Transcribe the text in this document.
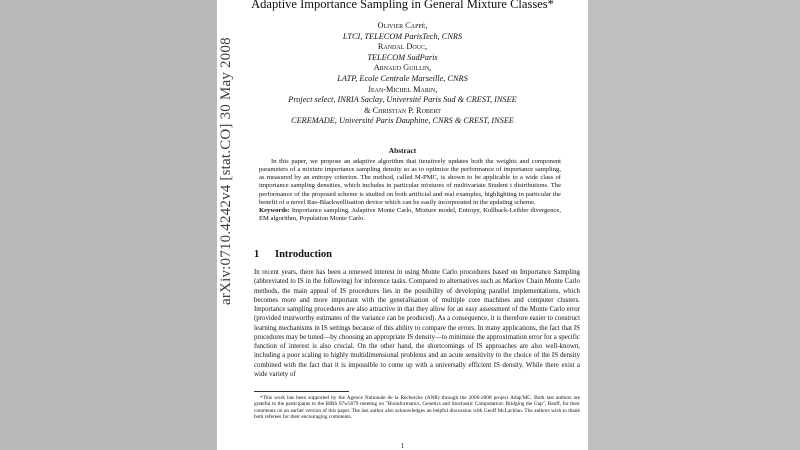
Adaptive Importance Sampling in General Mixture Classes*
Olivier Cappé,
LTCI, TELECOM ParisTech, CNRS
Randal Douc,
TELECOM SudParis
Arnaud Guillin,
LATP, Ecole Centrale Marseille, CNRS
Jean-Michel Marin,
Project select, INRIA Saclay, Université Paris Sud & CREST, INSEE
& Christian P. Robert
CEREMADE, Université Paris Dauphine, CNRS & CREST, INSEE
Abstract

In this paper, we propose an adaptive algorithm that iteratively updates both the weights and component parameters of a mixture importance sampling density so as to optimise the performance of importance sampling, as measured by an entropy criterion. The method, called M-PMC, is shown to be applicable to a wide class of importance sampling densities, which includes in particular mixtures of multivariate Student t distributions. The performance of the proposed scheme is studied on both artificial and real examples, highlighting in particular the benefit of a novel Rao-Blackwellisation device which can be easily incorporated in the updating scheme.

Keywords: Importance sampling, Adaptive Monte Carlo, Mixture model, Entropy, Kullback-Leibler divergence, EM algorithm, Population Monte Carlo.
1 Introduction

In recent years, there has been a renewed interest in using Monte Carlo procedures based on Importance Sampling (abbreviated to IS in the following) for inference tasks. Compared to alternatives such as Markov Chain Monte Carlo methods, the main appeal of IS procedures lies in the possibility of developing parallel implementations, which becomes more and more important with the generalisation of multiple core machines and computer clusters. Importance sampling procedures are also attractive in that they allow for an easy assessment of the Monte Carlo error (provided trustworthy estimates of the variance can be produced). As a consequence, it is therefore easier to construct learning mechanisms in IS settings because of this ability to compare the errors. In many applications, the fact that IS procedures may be tuned—by choosing an appropriate IS density—to minimise the approximation error for a specific function of interest is also crucial. On the other hand, the shortcomings of IS approaches are also well-known, including a poor scaling to highly multidimensional problems and an acute sensitivity to the choice of the IS density combined with the fact that it is impossible to come up with a universally efficient IS density. While there exist a wide variety of

*This work has been supported by the Agence Nationale de la Recherche (ANR) through the 2006-2008 project Adap'MC. Both last authors are grateful to the participants to the BIRS 07w5079 meeting on "Bioinformatics, Genetics and Stochastic Computation: Bridging the Gap", Banff, for their comments on an earlier version of this paper. The last author also acknowledges an helpful discussion with Geoff McLachlan. The authors wish to thank both referees for their encouraging comments.

1
arXiv:0710.4242v4 [stat.CO] 30 May 2008
